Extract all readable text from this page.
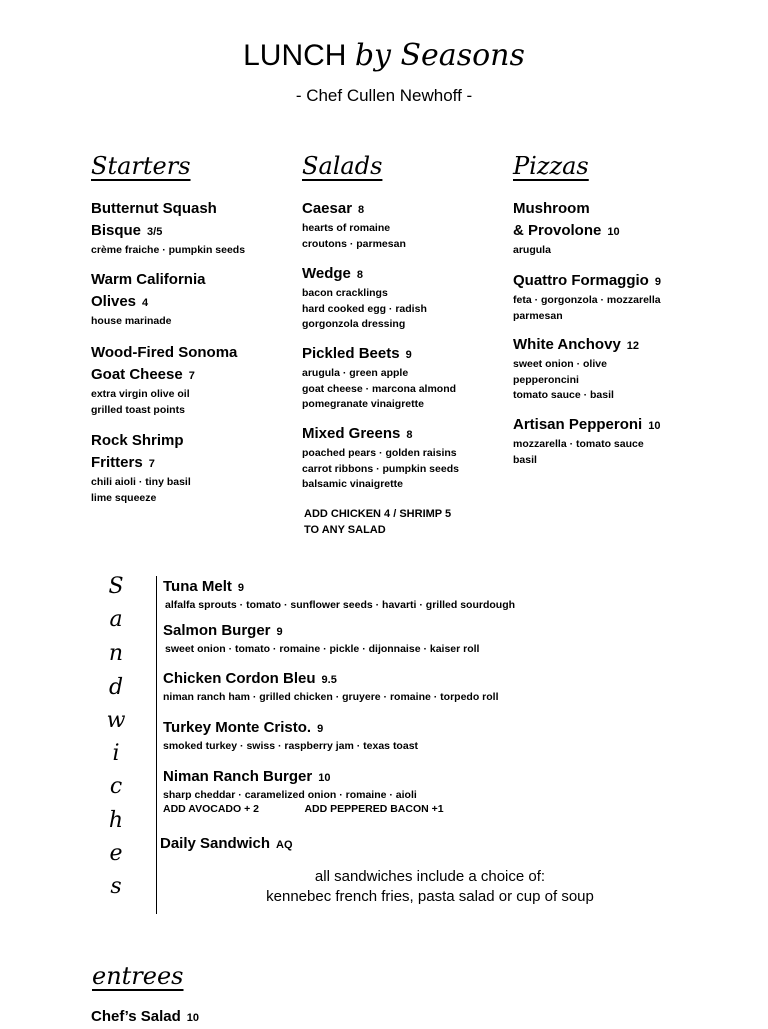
LUNCH by Seasons
- Chef Cullen Newhoff -
Starters
Butternut Squash
Bisque 3/5
crème fraiche · pumpkin seeds
Warm California
Olives 4
house marinade
Wood-Fired Sonoma
Goat Cheese 7
extra virgin olive oil
grilled toast points
Rock Shrimp
Fritters 7
chili aioli · tiny basil
lime squeeze
Salads
Caesar 8
hearts of romaine
croutons · parmesan
Wedge 8
bacon cracklings
hard cooked egg · radish
gorgonzola dressing
Pickled Beets 9
arugula · green apple
goat cheese · marcona almond
pomegranate vinaigrette
Mixed Greens 8
poached pears · golden raisins
carrot ribbons · pumpkin seeds
balsamic vinaigrette
ADD CHICKEN 4 / SHRIMP 5
TO ANY SALAD
Pizzas
Mushroom
& Provolone 10
arugula
Quattro Formaggio 9
feta · gorgonzola · mozzarella
parmesan
White Anchovy 12
sweet onion · olive
pepperoncini
tomato sauce · basil
Artisan Pepperoni 10
mozzarella · tomato sauce
basil
S
a
n
d
w
i
c
h
e
s
Tuna Melt 9
alfalfa sprouts · tomato · sunflower seeds · havarti · grilled sourdough
Salmon Burger 9
sweet onion · tomato · romaine · pickle · dijonnaise · kaiser roll
Chicken Cordon Bleu 9.5
niman ranch ham · grilled chicken · gruyere · romaine · torpedo roll
Turkey Monte Cristo. 9
smoked turkey · swiss · raspberry jam · texas toast
Niman Ranch Burger 10
sharp cheddar · caramelized onion · romaine · aioli
ADD AVOCADO + 2	ADD PEPPERED BACON +1
Daily Sandwich AQ
all sandwiches include a choice of:
kennebec french fries, pasta salad or cup of soup
entrees
Chef’s Salad 10
